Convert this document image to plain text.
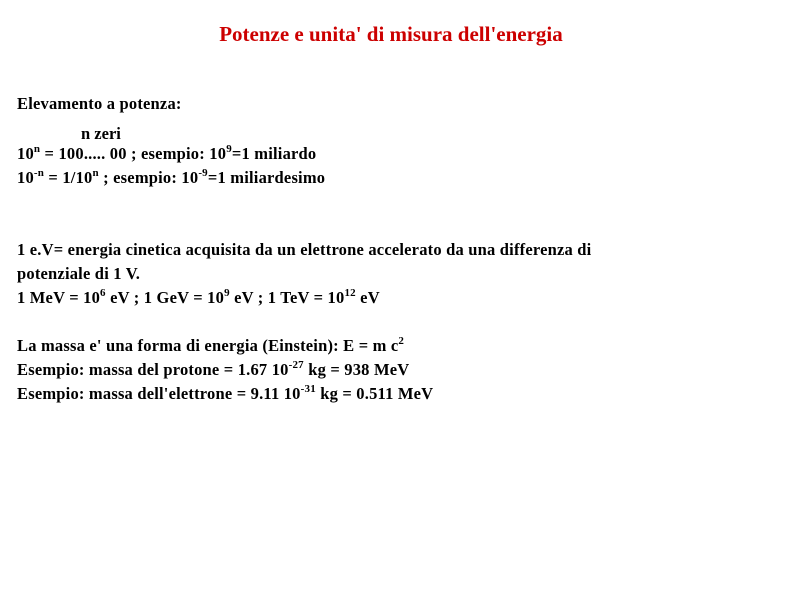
Potenze e unita' di misura dell'energia
Elevamento a potenza:
n zeri
$10^n = 100$..... 00 ; esempio: $10^9=1$ miliardo
$10^{-n} = 1/10^n$ ; esempio: $10^{-9}=1$ miliardesimo
1 e.V= energia cinetica acquisita da un elettrone accelerato da una differenza di
potenziale di 1 V.
1 MeV = $10^6$ eV ; 1 GeV = $10^9$ eV ; 1 TeV = $10^{12}$ eV
La massa e' una forma di energia (Einstein): E = m $c^2$
Esempio: massa del protone = 1.67 $10^{-27}$ kg = 938 MeV
Esempio: massa dell'elettrone = 9.11 $10^{-31}$ kg = 0.511 MeV
